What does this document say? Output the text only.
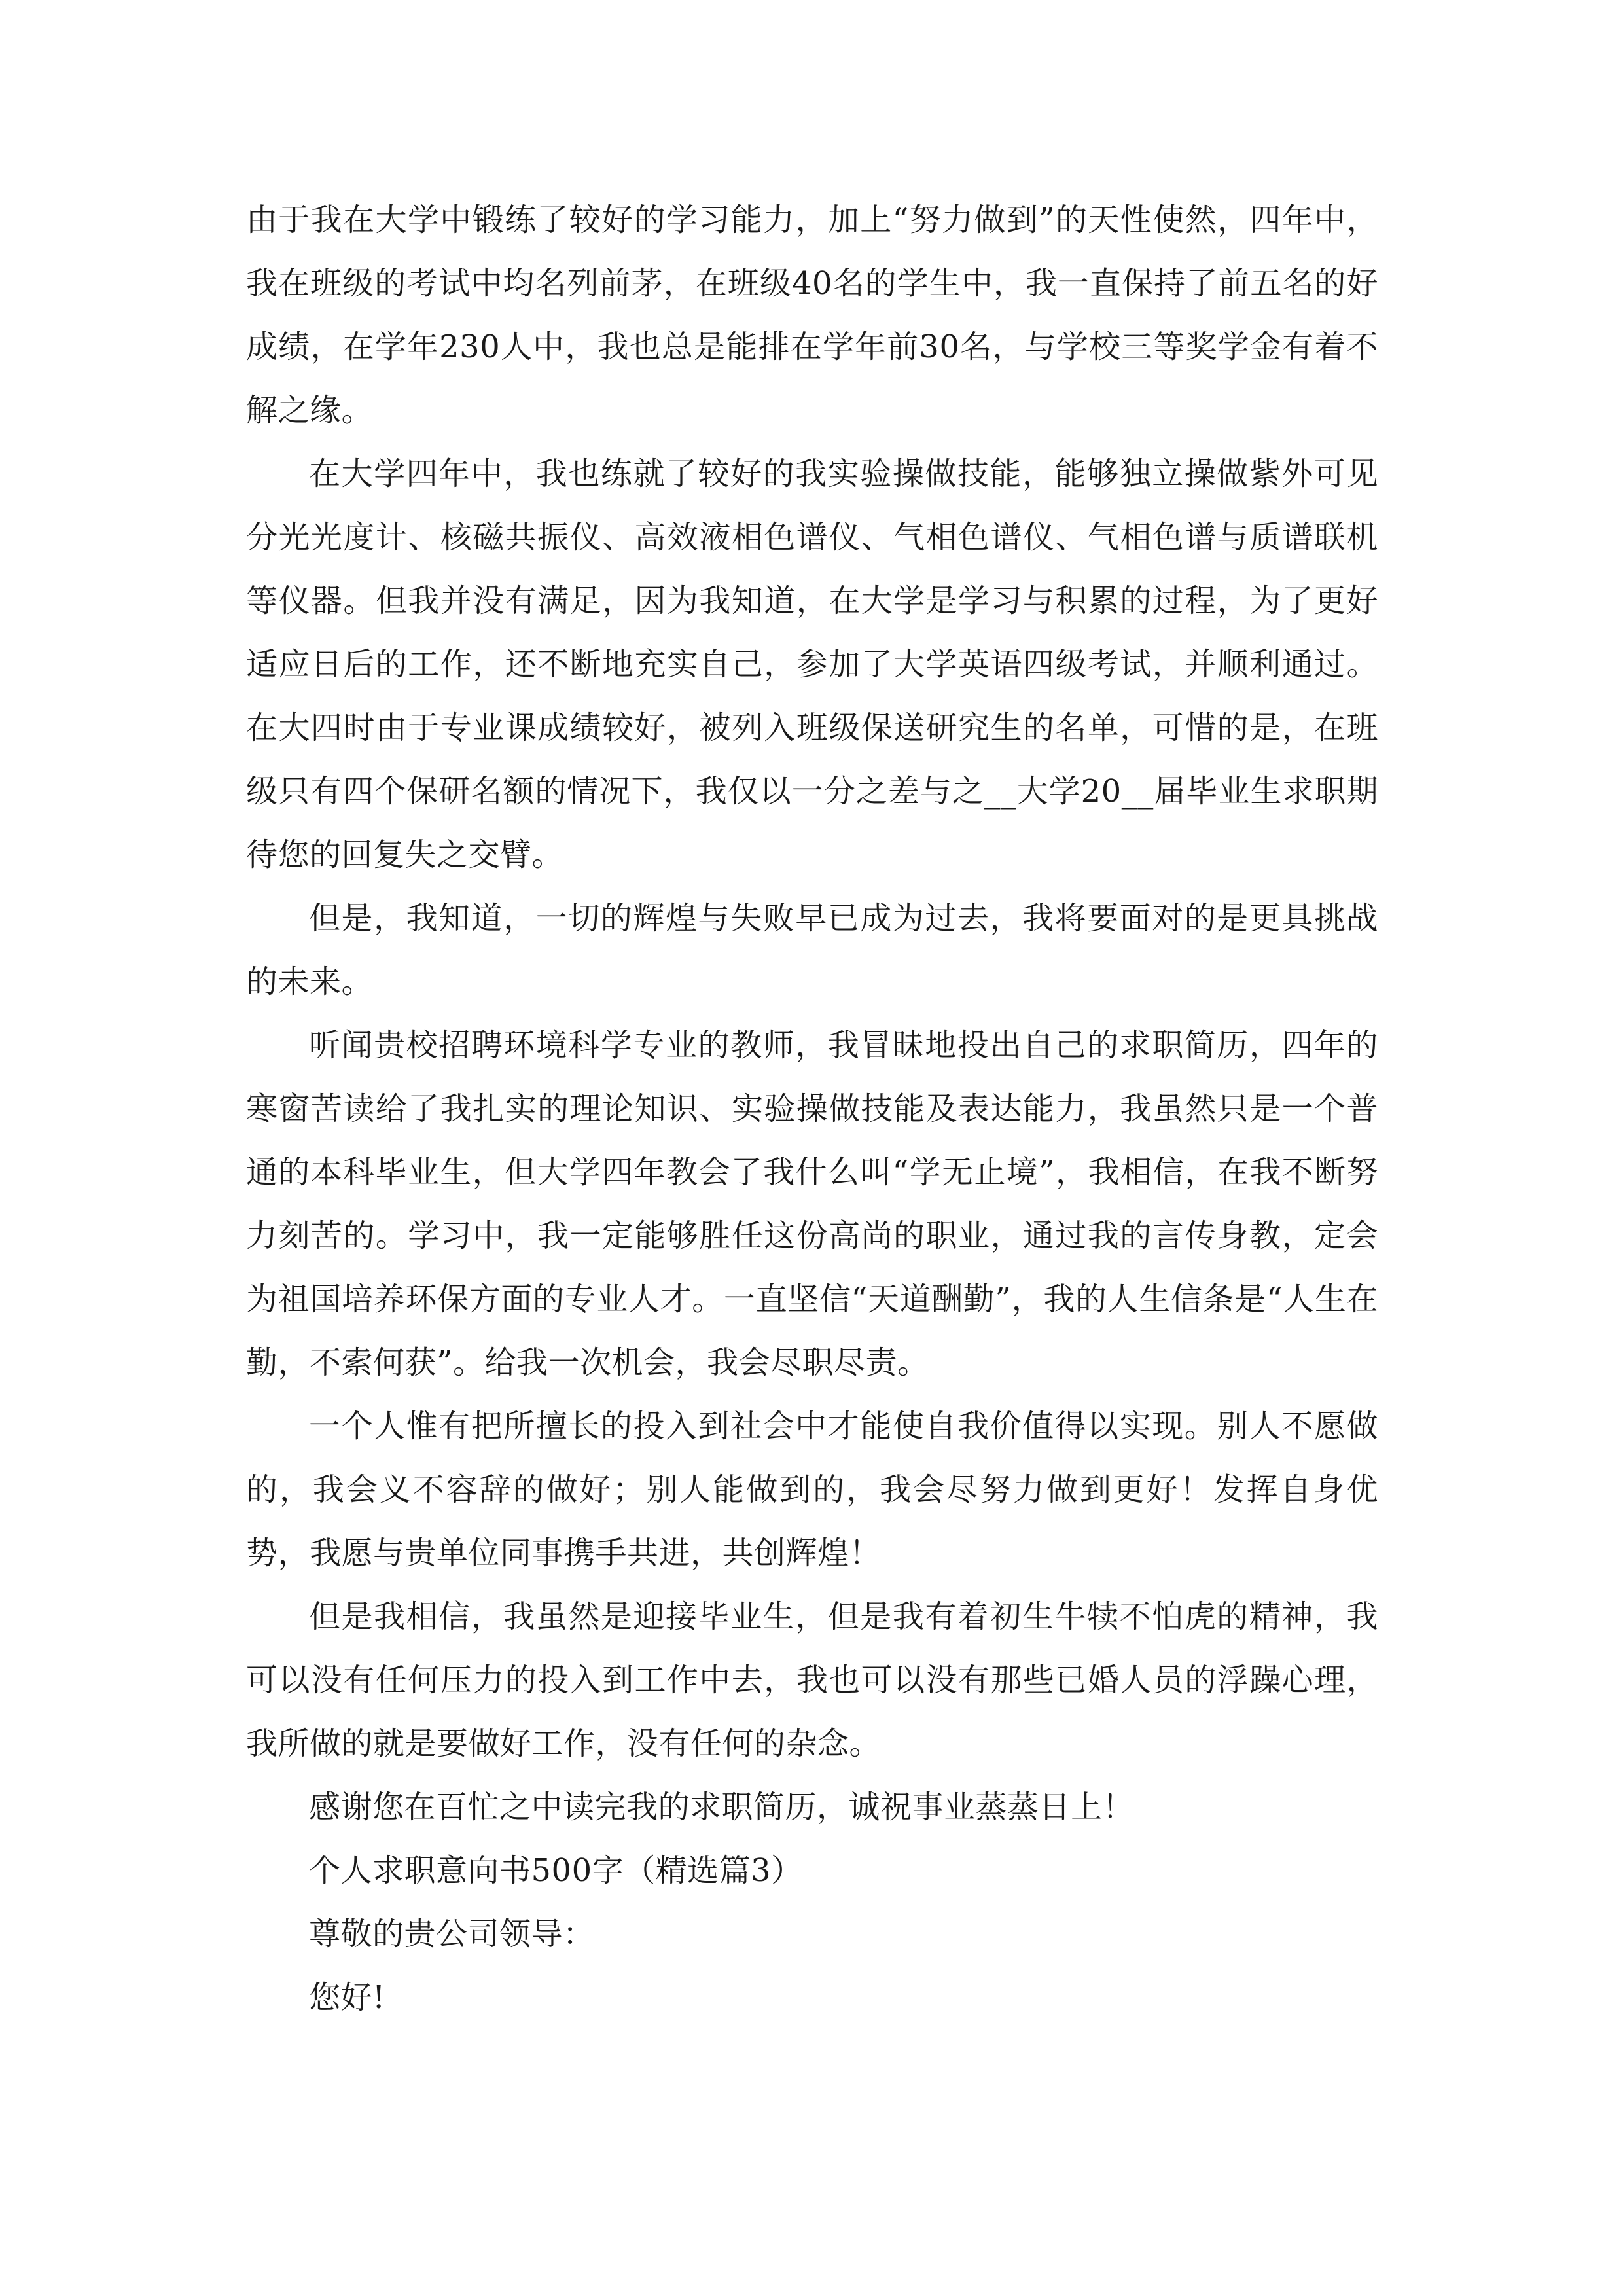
由于我在大学中锻练了较好的学习能力，加上“努力做到”的天性使然，四年中，我在班级的考试中均名列前茅，在班级40名的学生中，我一直保持了前五名的好成绩，在学年230人中，我也总是能排在学年前30名，与学校三等奖学金有着不解之缘。

在大学四年中，我也练就了较好的我实验操做技能，能够独立操做紫外可见分光光度计、核磁共振仪、高效液相色谱仪、气相色谱仪、气相色谱与质谱联机等仪器。但我并没有满足，因为我知道，在大学是学习与积累的过程，为了更好适应日后的工作，还不断地充实自己，参加了大学英语四级考试，并顺利通过。在大四时由于专业课成绩较好，被列入班级保送研究生的名单，可惜的是，在班级只有四个保研名额的情况下，我仅以一分之差与之__大学20__届毕业生求职期待您的回复失之交臂。

但是，我知道，一切的辉煌与失败早已成为过去，我将要面对的是更具挑战的未来。

听闻贵校招聘环境科学专业的教师，我冒昧地投出自己的求职简历，四年的寒窗苦读给了我扎实的理论知识、实验操做技能及表达能力，我虽然只是一个普通的本科毕业生，但大学四年教会了我什么叫“学无止境”，我相信，在我不断努力刻苦的。学习中，我一定能够胜任这份高尚的职业，通过我的言传身教，定会为祖国培养环保方面的专业人才。一直坚信“天道酬勤”，我的人生信条是“人生在勤，不索何获”。给我一次机会，我会尽职尽责。

一个人惟有把所擅长的投入到社会中才能使自我价值得以实现。别人不愿做的，我会义不容辞的做好；别人能做到的，我会尽努力做到更好！发挥自身优势，我愿与贵单位同事携手共进，共创辉煌！

但是我相信，我虽然是迎接毕业生，但是我有着初生牛犊不怕虎的精神，我可以没有任何压力的投入到工作中去，我也可以没有那些已婚人员的浮躁心理，我所做的就是要做好工作，没有任何的杂念。

感谢您在百忙之中读完我的求职简历，诚祝事业蒸蒸日上！

个人求职意向书500字（精选篇3）

尊敬的贵公司领导：

您好!
